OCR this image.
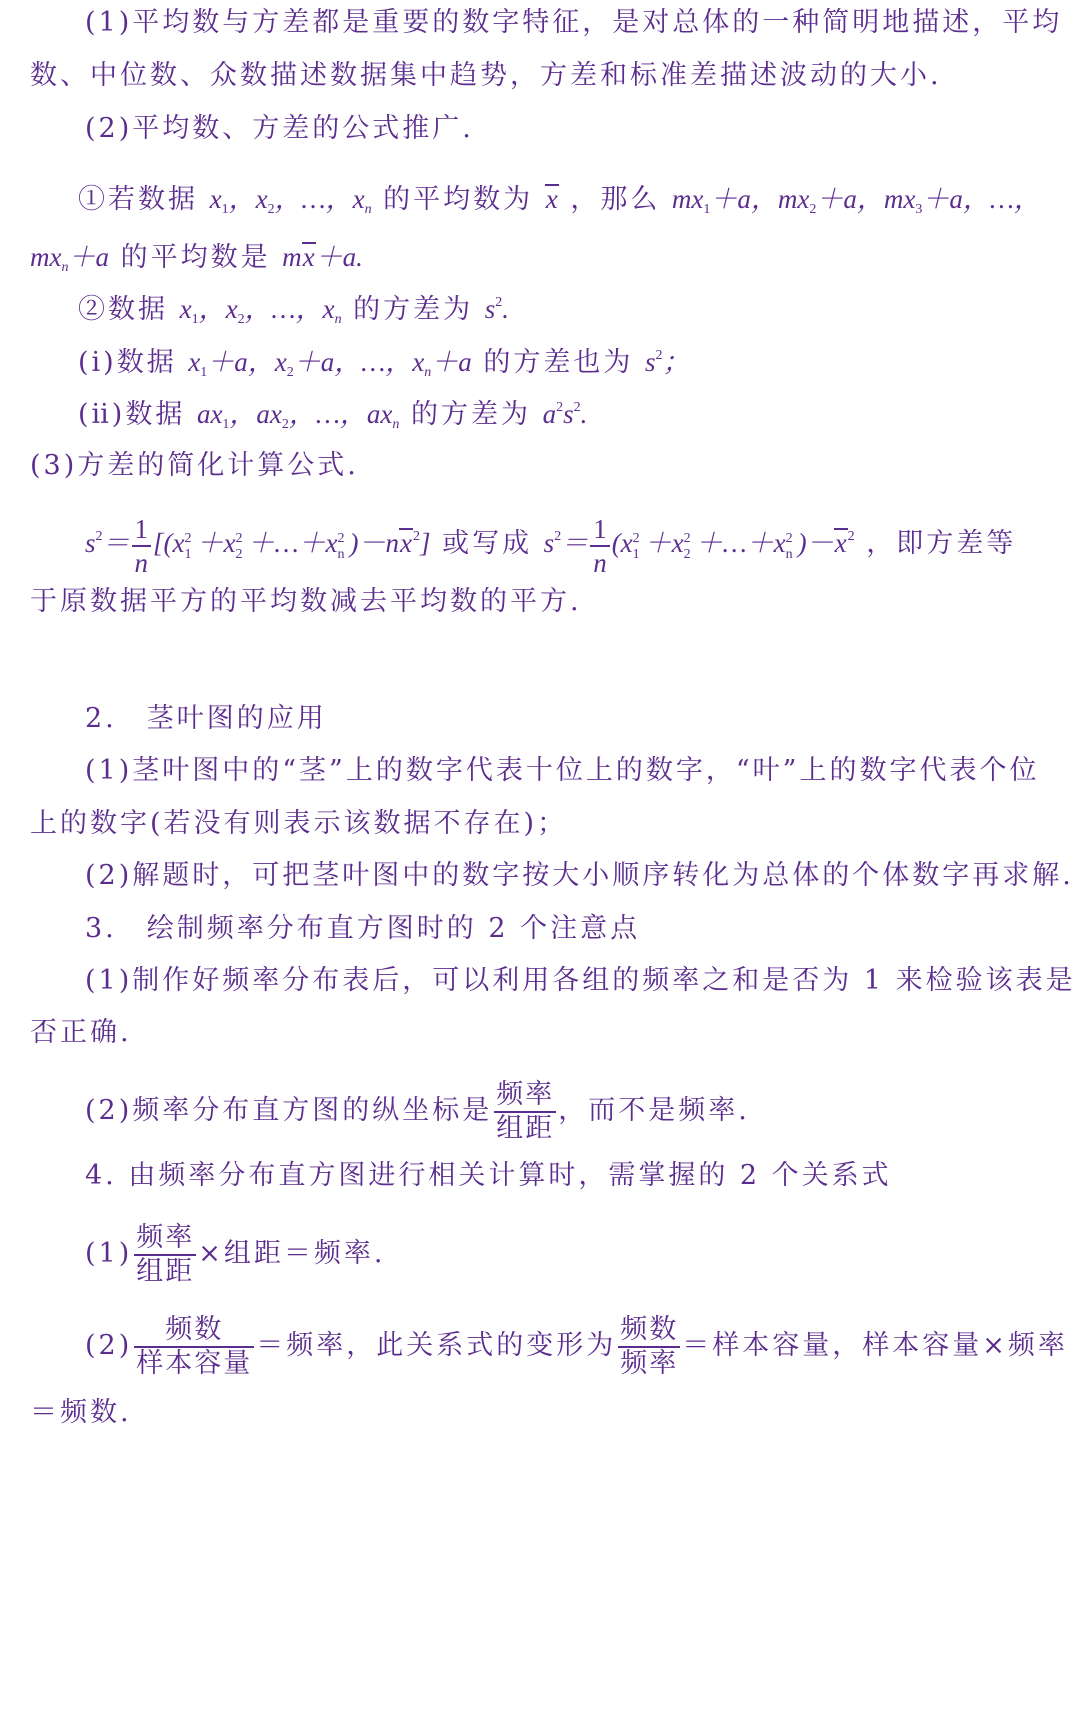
(1)平均数与方差都是重要的数字特征，是对总体的一种简明地描述，平均
数、中位数、众数描述数据集中趋势，方差和标准差描述波动的大小.
(2)平均数、方差的公式推广.
①若数据 $x_1$，$x_2$，…，$x_n$ 的平均数为 x ，那么 $mx_1+a$，$mx_2+a$，$mx_3+a$，…，
$mx_n+a$ 的平均数是 mx＋a.
②数据 $x_1$，$x_2$，…，$x_n$ 的方差为 $s^2$.
(ⅰ)数据 $x_1+a$，$x_2+a$，…，$x_n+a$ 的方差也为 $s^2$；
(ⅱ)数据 $ax_1$，$ax_2$，…，$ax_n$ 的方差为 $a^2s^2$.
(3)方差的简化计算公式.
$s^2= \frac{1}{n} [(x$ 2
1 ＋x 2
2 ＋…＋x 2
n )$-nx^2$] 或写成 $s^2= \frac{1}{n} (x$ 2
1 ＋x 2
2 ＋…＋x 2
n )$-x^2$ ，即方差等
于原数据平方的平均数减去平均数的平方.
2.　茎叶图的应用
(1)茎叶图中的“茎”上的数字代表十位上的数字，“叶”上的数字代表个位
上的数字(若没有则表示该数据不存在)；
(2)解题时，可把茎叶图中的数字按大小顺序转化为总体的个体数字再求解.
3.　绘制频率分布直方图时的 2 个注意点
(1)制作好频率分布表后，可以利用各组的频率之和是否为 1 来检验该表是
否正确.
(2)频率分布直方图的纵坐标是 $\frac{\text{频率}}{\text{组距}}$ ，而不是频率.
4. 由频率分布直方图进行相关计算时，需掌握的 2 个关系式
$(1) \frac{\text{频率}}{\text{组距}}$ ×组距＝频率.
$(2) \frac{\text{频数}}{\text{样本容量}}$ ＝频率，此关系式的变形为 $\frac{\text{频数}}{\text{频率}}$ ＝样本容量，样本容量×频率
＝频数.
